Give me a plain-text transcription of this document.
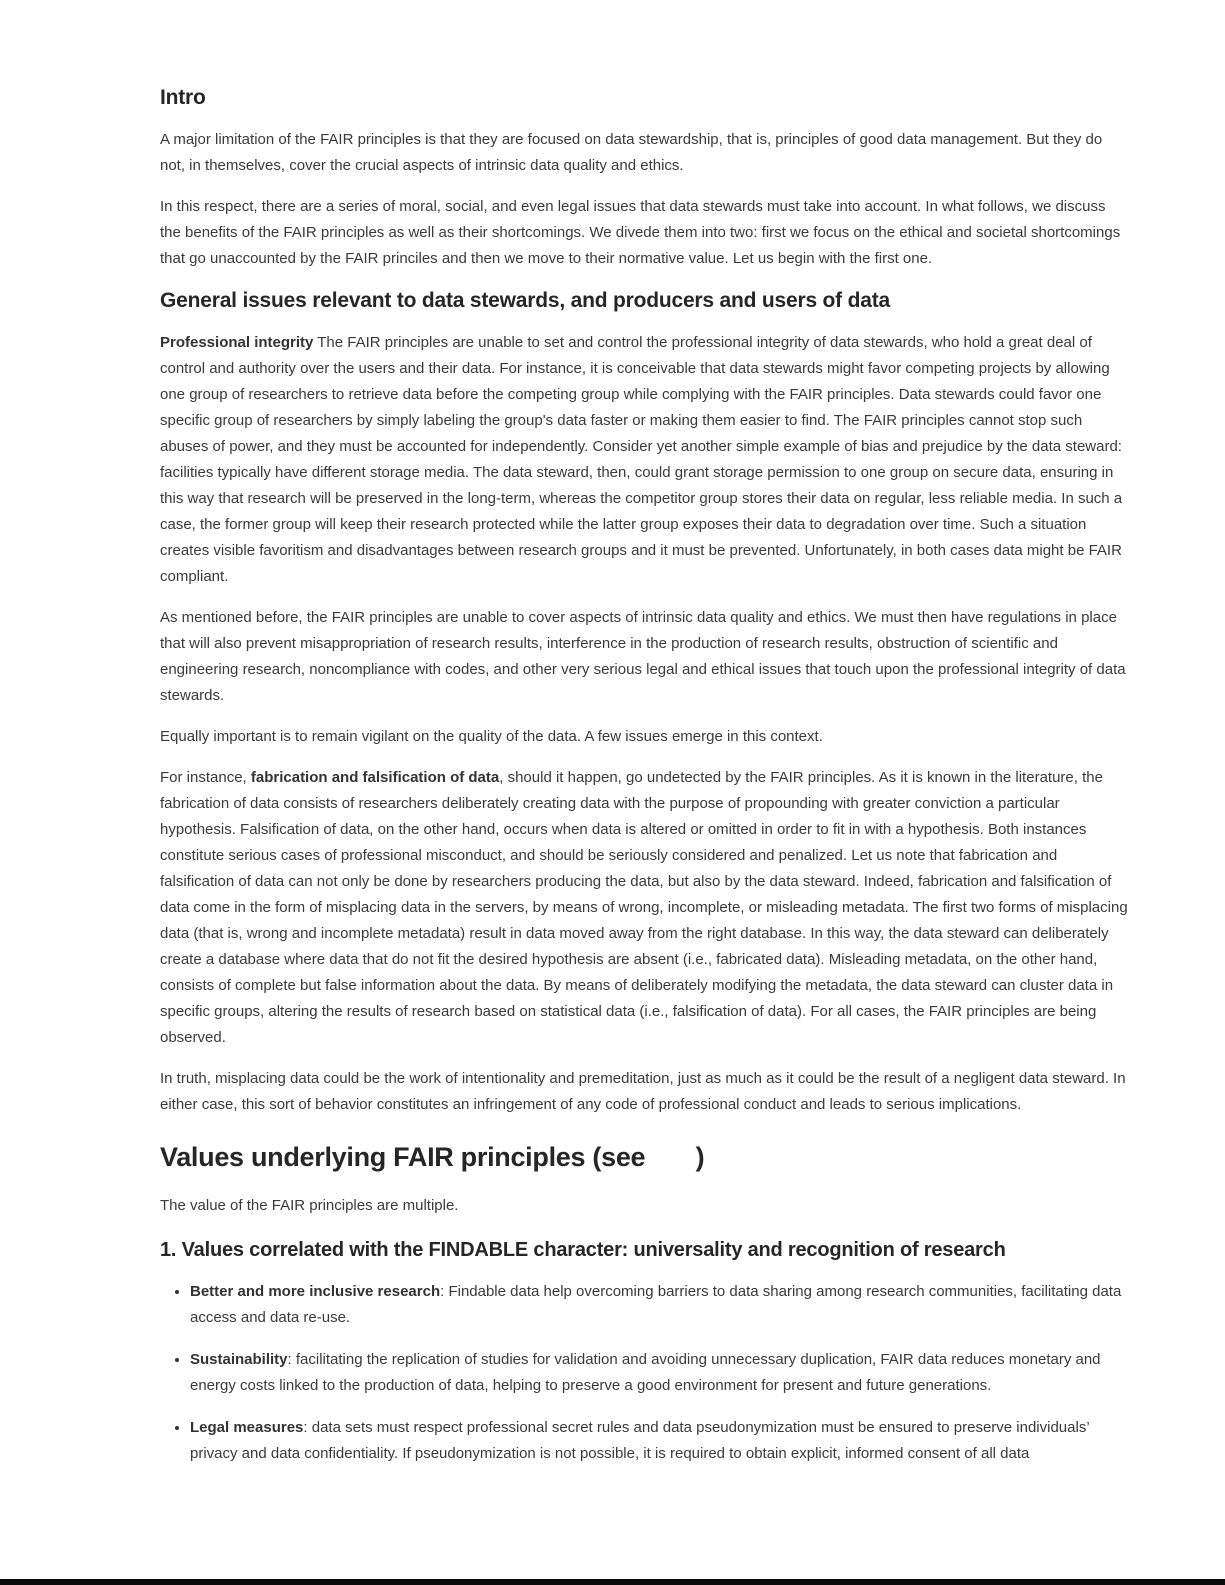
Intro

A major limitation of the FAIR principles is that they are focused on data stewardship, that is, principles of good data management. But they do not, in themselves, cover the crucial aspects of intrinsic data quality and ethics.

In this respect, there are a series of moral, social, and even legal issues that data stewards must take into account. In what follows, we discuss the benefits of the FAIR principles as well as their shortcomings. We divede them into two: first we focus on the ethical and societal shortcomings that go unaccounted by the FAIR princiles and then we move to their normative value. Let us begin with the first one.

General issues relevant to data stewards, and producers and users of data

Professional integrity The FAIR principles are unable to set and control the professional integrity of data stewards, who hold a great deal of control and authority over the users and their data. For instance, it is conceivable that data stewards might favor competing projects by allowing one group of researchers to retrieve data before the competing group while complying with the FAIR principles. Data stewards could favor one specific group of researchers by simply labeling the group's data faster or making them easier to find. The FAIR principles cannot stop such abuses of power, and they must be accounted for independently. Consider yet another simple example of bias and prejudice by the data steward: facilities typically have different storage media. The data steward, then, could grant storage permission to one group on secure data, ensuring in this way that research will be preserved in the long-term, whereas the competitor group stores their data on regular, less reliable media. In such a case, the former group will keep their research protected while the latter group exposes their data to degradation over time. Such a situation creates visible favoritism and disadvantages between research groups and it must be prevented. Unfortunately, in both cases data might be FAIR compliant.

As mentioned before, the FAIR principles are unable to cover aspects of intrinsic data quality and ethics. We must then have regulations in place that will also prevent misappropriation of research results, interference in the production of research results, obstruction of scientific and engineering research, noncompliance with codes, and other very serious legal and ethical issues that touch upon the professional integrity of data stewards.

Equally important is to remain vigilant on the quality of the data. A few issues emerge in this context.

For instance, fabrication and falsification of data, should it happen, go undetected by the FAIR principles. As it is known in the literature, the fabrication of data consists of researchers deliberately creating data with the purpose of propounding with greater conviction a particular hypothesis. Falsification of data, on the other hand, occurs when data is altered or omitted in order to fit in with a hypothesis. Both instances constitute serious cases of professional misconduct, and should be seriously considered and penalized. Let us note that fabrication and falsification of data can not only be done by researchers producing the data, but also by the data steward. Indeed, fabrication and falsification of data come in the form of misplacing data in the servers, by means of wrong, incomplete, or misleading metadata. The first two forms of misplacing data (that is, wrong and incomplete metadata) result in data moved away from the right database. In this way, the data steward can deliberately create a database where data that do not fit the desired hypothesis are absent (i.e., fabricated data). Misleading metadata, on the other hand, consists of complete but false information about the data. By means of deliberately modifying the metadata, the data steward can cluster data in specific groups, altering the results of research based on statistical data (i.e., falsification of data). For all cases, the FAIR principles are being observed.

In truth, misplacing data could be the work of intentionality and premeditation, just as much as it could be the result of a negligent data steward. In either case, this sort of behavior constitutes an infringement of any code of professional conduct and leads to serious implications.

Values underlying FAIR principles (see       )

The value of the FAIR principles are multiple.

1. Values correlated with the FINDABLE character: universality and recognition of research
• Better and more inclusive research: Findable data help overcoming barriers to data sharing among research communities, facilitating data access and data re-use.
• Sustainability: facilitating the replication of studies for validation and avoiding unnecessary duplication, FAIR data reduces monetary and energy costs linked to the production of data, helping to preserve a good environment for present and future generations.
• Legal measures: data sets must respect professional secret rules and data pseudonymization must be ensured to preserve individuals’ privacy and data confidentiality. If pseudonymization is not possible, it is required to obtain explicit, informed consent of all data
